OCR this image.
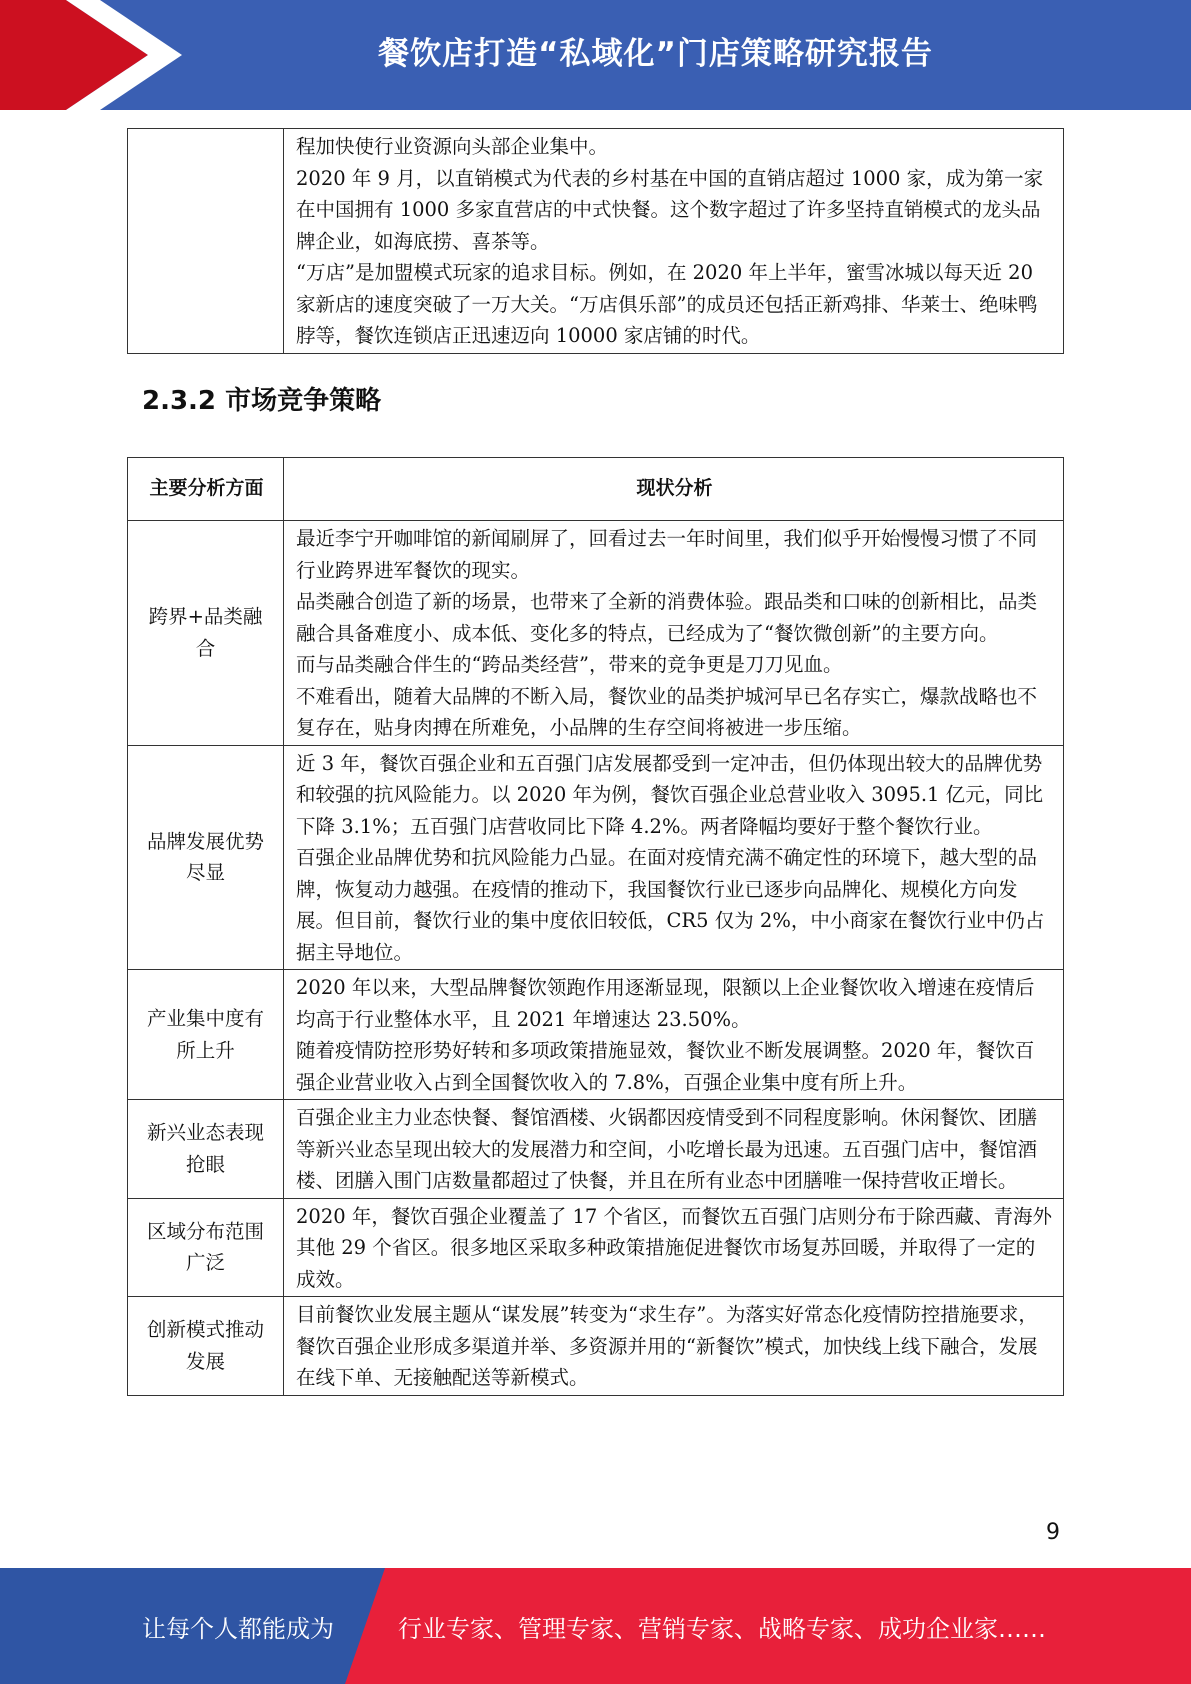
餐饮店打造“私域化”门店策略研究报告

程加快使行业资源向头部企业集中。

2020 年 9 月，以直销模式为代表的乡村基在中国的直销店超过 1000 家，成为第一家在中国拥有 1000 多家直营店的中式快餐。这个数字超过了许多坚持直销模式的龙头品牌企业，如海底捞、喜茶等。

“万店”是加盟模式玩家的追求目标。例如，在 2020 年上半年，蜜雪冰城以每天近 20 家新店的速度突破了一万大关。“万店俱乐部”的成员还包括正新鸡排、华莱士、绝味鸭脖等，餐饮连锁店正迅速迈向 10000 家店铺的时代。

2.3.2 市场竞争策略
主要分析方面	现状分析
跨界+品类融合	最近李宁开咖啡馆的新闻刷屏了，回看过去一年时间里，我们似乎开始慢慢习惯了不同行业跨界进军餐饮的现实。

品类融合创造了新的场景，也带来了全新的消费体验。跟品类和口味的创新相比，品类融合具备难度小、成本低、变化多的特点，已经成为了“餐饮微创新”的主要方向。

而与品类融合伴生的“跨品类经营”，带来的竞争更是刀刀见血。

不难看出，随着大品牌的不断入局，餐饮业的品类护城河早已名存实亡，爆款战略也不复存在，贴身肉搏在所难免，小品牌的生存空间将被进一步压缩。

品牌发展优势尽显	近 3 年，餐饮百强企业和五百强门店发展都受到一定冲击，但仍体现出较大的品牌优势和较强的抗风险能力。以 2020 年为例，餐饮百强企业总营业收入 3095.1 亿元，同比下降 3.1%；五百强门店营收同比下降 4.2%。两者降幅均要好于整个餐饮行业。

百强企业品牌优势和抗风险能力凸显。在面对疫情充满不确定性的环境下，越大型的品牌，恢复动力越强。在疫情的推动下，我国餐饮行业已逐步向品牌化、规模化方向发展。但目前，餐饮行业的集中度依旧较低，CR5 仅为 2%，中小商家在餐饮行业中仍占据主导地位。

产业集中度有所上升	2020 年以来，大型品牌餐饮领跑作用逐渐显现，限额以上企业餐饮收入增速在疫情后均高于行业整体水平，且 2021 年增速达 23.50%。

随着疫情防控形势好转和多项政策措施显效，餐饮业不断发展调整。2020 年，餐饮百强企业营业收入占到全国餐饮收入的 7.8%，百强企业集中度有所上升。

新兴业态表现抢眼	百强企业主力业态快餐、餐馆酒楼、火锅都因疫情受到不同程度影响。休闲餐饮、团膳等新兴业态呈现出较大的发展潜力和空间，小吃增长最为迅速。五百强门店中，餐馆酒楼、团膳入围门店数量都超过了快餐，并且在所有业态中团膳唯一保持营收正增长。

区域分布范围广泛	2020 年，餐饮百强企业覆盖了 17 个省区，而餐饮五百强门店则分布于除西藏、青海外其他 29 个省区。很多地区采取多种政策措施促进餐饮市场复苏回暖，并取得了一定的成效。

创新模式推动发展	目前餐饮业发展主题从“谋发展”转变为“求生存”。为落实好常态化疫情防控措施要求，餐饮百强企业形成多渠道并举、多资源并用的“新餐饮”模式，加快线上线下融合，发展在线下单、无接触配送等新模式。

9
让每个人都能成为	行业专家、管理专家、营销专家、战略专家、成功企业家……
